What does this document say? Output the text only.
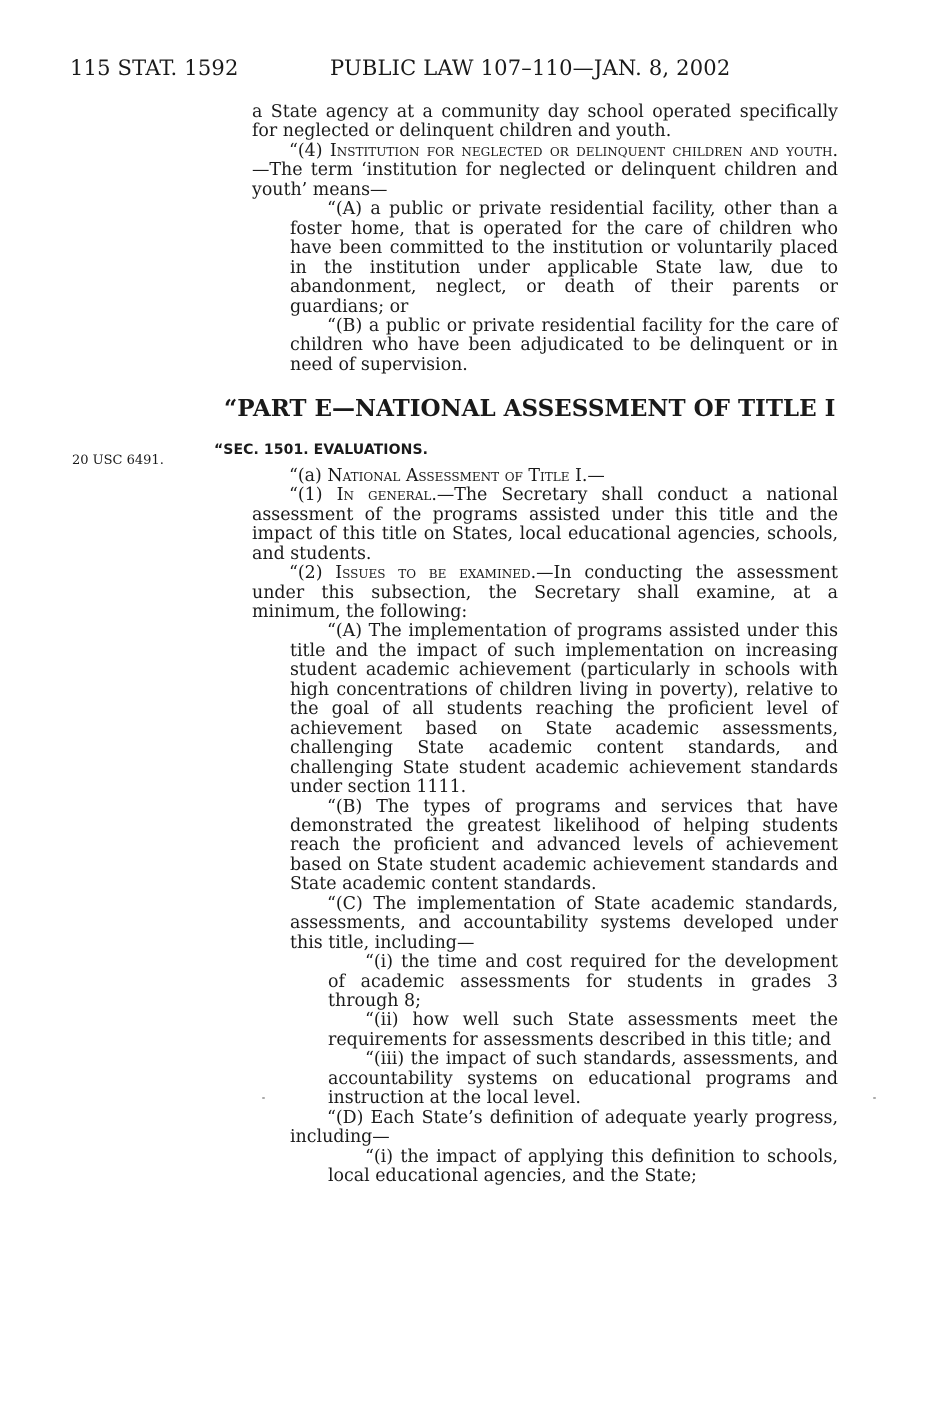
115 STAT. 1592	PUBLIC LAW 107–110—JAN. 8, 2002
20 USC 6491.

a State agency at a community day school operated specifically for neglected or delinquent children and youth.

“(4) Institution for neglected or delinquent children and youth.—The term ‘institution for neglected or delinquent children and youth’ means—

“(A) a public or private residential facility, other than a foster home, that is operated for the care of children who have been committed to the institution or voluntarily placed in the institution under applicable State law, due to abandonment, neglect, or death of their parents or guardians; or

“(B) a public or private residential facility for the care of children who have been adjudicated to be delinquent or in need of supervision.

“PART E—NATIONAL ASSESSMENT OF TITLE I
“SEC. 1501. EVALUATIONS.

“(a) National Assessment of Title I.—

“(1) In general.—The Secretary shall conduct a national assessment of the programs assisted under this title and the impact of this title on States, local educational agencies, schools, and students.

“(2) Issues to be examined.—In conducting the assessment under this subsection, the Secretary shall examine, at a minimum, the following:

“(A) The implementation of programs assisted under this title and the impact of such implementation on increasing student academic achievement (particularly in schools with high concentrations of children living in poverty), relative to the goal of all students reaching the proficient level of achievement based on State academic assessments, challenging State academic content standards, and challenging State student academic achievement standards under section 1111.

“(B) The types of programs and services that have demonstrated the greatest likelihood of helping students reach the proficient and advanced levels of achievement based on State student academic achievement standards and State academic content standards.

“(C) The implementation of State academic standards, assessments, and accountability systems developed under this title, including—

“(i) the time and cost required for the development of academic assessments for students in grades 3 through 8;

“(ii) how well such State assessments meet the requirements for assessments described in this title; and

“(iii) the impact of such standards, assessments, and accountability systems on educational programs and instruction at the local level.

“(D) Each State’s definition of adequate yearly progress, including—

“(i) the impact of applying this definition to schools, local educational agencies, and the State;
